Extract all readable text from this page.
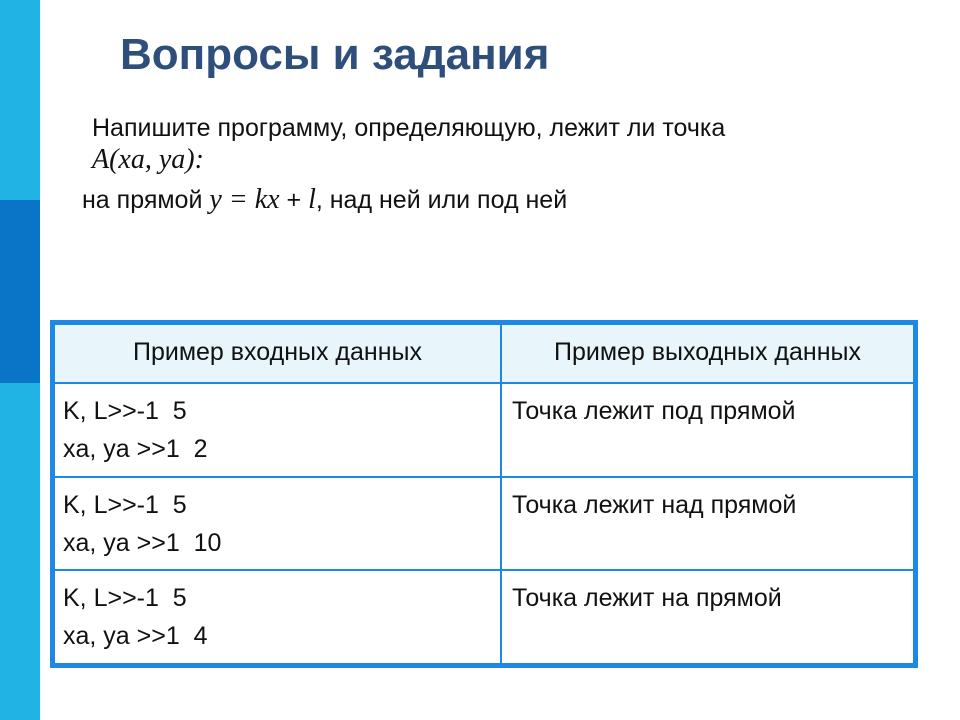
Вопросы и задания
Напишите программу, определяющую, лежит ли точка
A(xa, ya):
на прямой y = kx + l, над ней или под ней
Пример входных данных	Пример выходных данных

K, L>>-1  5
xa, ya >>1  2	Точка лежит под прямой

K, L>>-1  5
xa, ya >>1  10	Точка лежит над прямой

K, L>>-1  5
xa, ya >>1  4	Точка лежит на прямой
